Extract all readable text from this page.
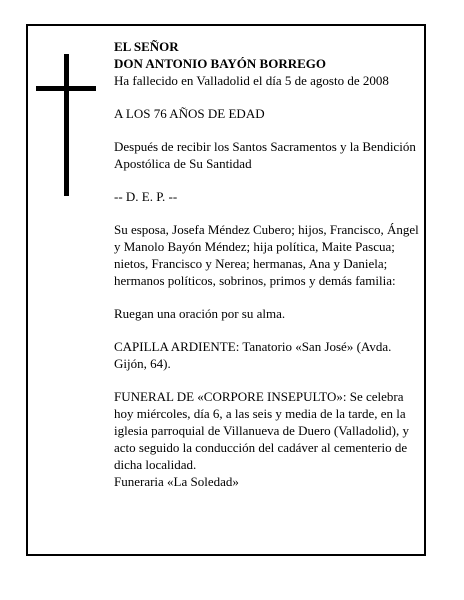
EL SEÑOR
DON ANTONIO BAYÓN BORREGO

Ha fallecido en Valladolid el día 5 de agosto de 2008

A LOS 76 AÑOS DE EDAD

Después de recibir los Santos Sacramentos y la Bendición Apostólica de Su Santidad

-- D. E. P. --

Su esposa, Josefa Méndez Cubero; hijos, Francisco, Ángel y Manolo Bayón Méndez; hija política, Maite Pascua; nietos, Francisco y Nerea; hermanas, Ana y Daniela; hermanos políticos, sobrinos, primos y demás familia:

Ruegan una oración por su alma.

CAPILLA ARDIENTE: Tanatorio «San José» (Avda. Gijón, 64).

FUNERAL DE «CORPORE INSEPULTO»: Se celebra hoy miércoles, día 6, a las seis y media de la tarde, en la iglesia parroquial de Villanueva de Duero (Valladolid), y acto seguido la conducción del cadáver al cementerio de dicha localidad.

Funeraria «La Soledad»
